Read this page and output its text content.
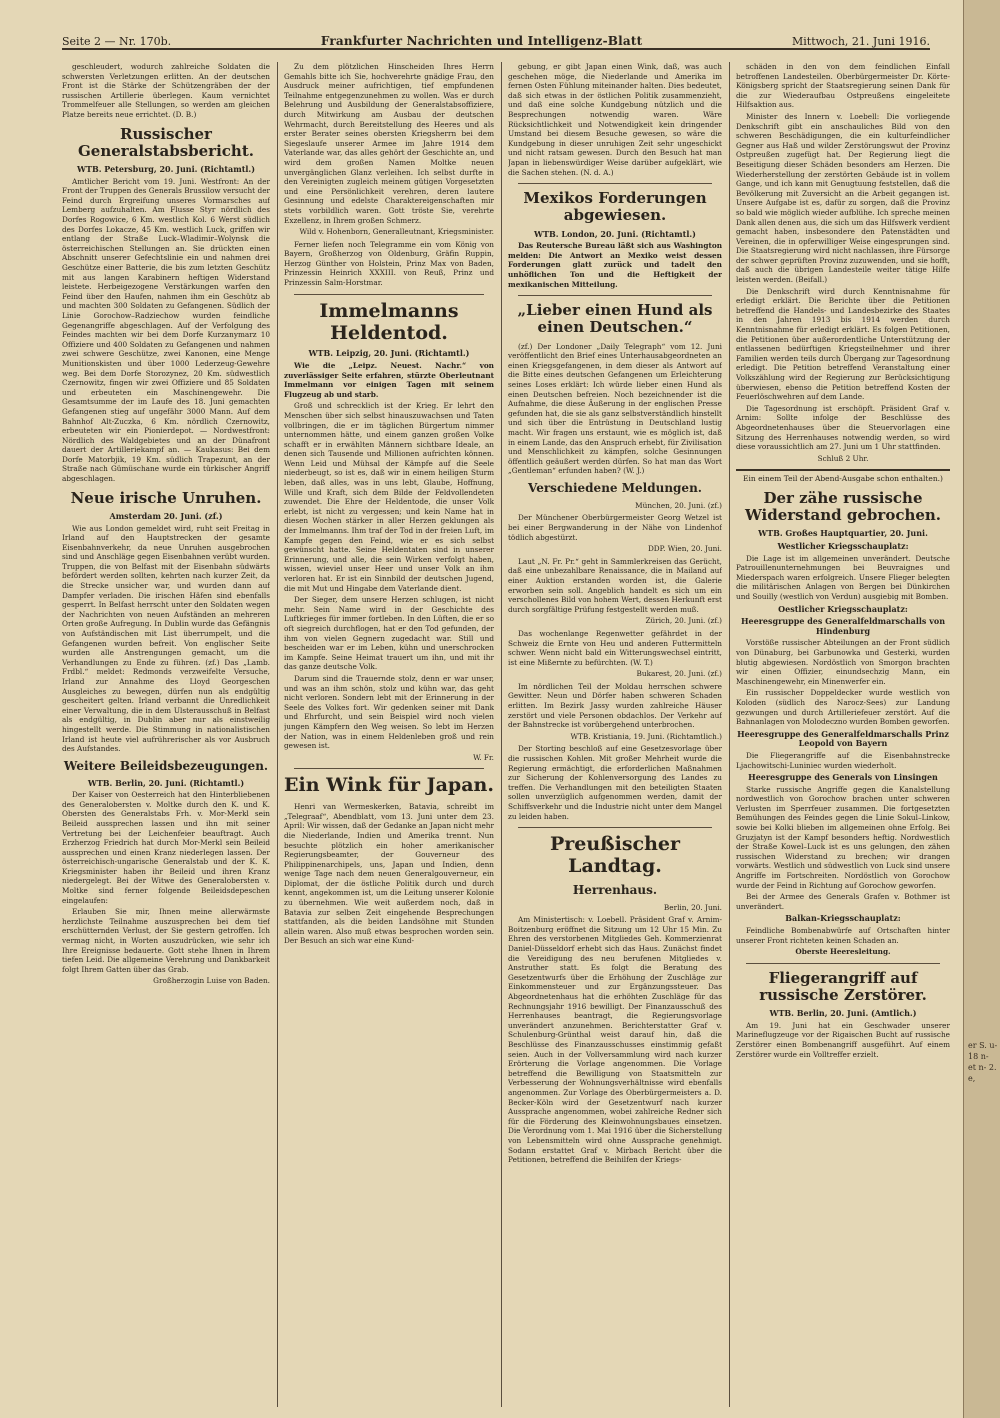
Seite 2 — Nr. 170b.	Frankfurter Nachrichten und Intelligenz-Blatt	Mittwoch, 21. Juni 1916.

geschleudert, wodurch zahlreiche Soldaten die schwersten Verletzungen erlitten. An der deutschen Front ist die Stärke der Schützengräben der der russischen Artillerie überlegen. Kaum vernichtet Trommelfeuer alle Stellungen, so werden am gleichen Platze bereits neue errichtet. (D. B.)

Russischer Generalstabsbericht.
WTB. Petersburg, 20. Juni. (Richtamtl.)

Amtlicher Bericht vom 19. Juni. Westfront: An der Front der Truppen des Generals Brussilow versucht der Feind durch Ergreifung unseres Vormarsches auf Lemberg aufzuhalten. Am Flusse Styr nördlich des Dorfes Rogowice, 6 Km. westlich Kol. 6 Werst südlich des Dorfes Lokacze, 45 Km. westlich Luck, griffen wir entlang der Straße Luck–Wladimir–Wolynsk die österreichischen Stellungen an. Sie drückten einen Abschnitt unserer Gefechtslinie ein und nahmen drei Geschütze einer Batterie, die bis zum letzten Geschütz mit aus langen Karabinern heftigen Widerstand leistete. Herbeigezogene Verstärkungen warfen den Feind über den Haufen, nahmen ihm ein Geschütz ab und machten 300 Soldaten zu Gefangenen. Südlich der Linie Gorochow–Radziechow wurden feindliche Gegenangriffe abgeschlagen. Auf der Verfolgung des Feindes machten wir bei dem Dorfe Kurzanymarz 10 Offiziere und 400 Soldaten zu Gefangenen und nahmen zwei schwere Geschütze, zwei Kanonen, eine Menge Munitionskisten und über 1000 Lederzeug-Gewehre weg. Bei dem Dorfe Storozynez, 20 Km. südwestlich Czernowitz, fingen wir zwei Offiziere und 85 Soldaten und erbeuteten ein Maschinengewehr. Die Gesamtsumme der im Laufe des 18. Juni gemachten Gefangenen stieg auf ungefähr 3000 Mann. Auf dem Bahnhof Alt-Zuczka, 6 Km. nördlich Czernowitz, erbeuteten wir ein Pionierdepot. — Nordwestfront: Nördlich des Waldgebietes und an der Dünafront dauert der Artilleriekampf an. — Kaukasus: Bei dem Dorfe Matorbjik, 19 Km. südlich Trapezunt, an der Straße nach Gümüschane wurde ein türkischer Angriff abgeschlagen.

Neue irische Unruhen.
Amsterdam 20. Juni. (zf.)

Wie aus London gemeldet wird, ruht seit Freitag in Irland auf den Hauptstrecken der gesamte Eisenbahnverkehr, da neue Unruhen ausgebrochen sind und Anschläge gegen Eisenbahnen verübt wurden. Truppen, die von Belfast mit der Eisenbahn südwärts befördert werden sollten, kehrten nach kurzer Zeit, da die Strecke unsicher war, und wurden dann auf Dampfer verladen. Die irischen Häfen sind ebenfalls gesperrt. In Belfast herrscht unter den Soldaten wegen der Nachrichten von neuen Aufständen an mehreren Orten große Aufregung. In Dublin wurde das Gefängnis von Aufständischen mit List überrumpelt, und die Gefangenen wurden befreit. Von englischer Seite wurden alle Anstrengungen gemacht, um die Verhandlungen zu Ende zu führen. (zf.) Das „Lamb. Frdbl.“ meldet: Redmonds verzweifelte Versuche, Irland zur Annahme des Lloyd Georgeschen Ausgleiches zu bewegen, dürfen nun als endgültig gescheitert gelten. Irland verbannt die Unredlichkeit einer Verwaltung, die in dem Ulsterausschuß in Belfast als endgültig, in Dublin aber nur als einstweilig hingestellt werde. Die Stimmung in nationalistischen Irland ist heute viel aufrührerischer als vor Ausbruch des Aufstandes.

Weitere Beileidsbezeugungen.
WTB. Berlin, 20. Juni. (Richtamtl.)

Der Kaiser von Oesterreich hat den Hinterbliebenen des Generalobersten v. Moltke durch den K. und K. Obersten des Generalstabs Frh. v. Mor-Merkl sein Beileid aussprechen lassen und ihn mit seiner Vertretung bei der Leichenfeier beauftragt. Auch Erzherzog Friedrich hat durch Mor-Merkl sein Beileid aussprechen und einen Kranz niederlegen lassen. Der österreichisch-ungarische Generalstab und der K. K. Kriegsminister haben ihr Beileid und ihren Kranz niedergelegt. Bei der Witwe des Generalobersten v. Moltke sind ferner folgende Beileidsdepeschen eingelaufen:

Erlauben Sie mir, Ihnen meine allerwärmste herzlichste Teilnahme auszusprechen bei dem tief erschütternden Verlust, der Sie gestern getroffen. Ich vermag nicht, in Worten auszudrücken, wie sehr ich Ihre Ereignisse bedauerte. Gott stehe Ihnen in Ihrem tiefen Leid. Die allgemeine Verehrung und Dankbarkeit folgt Ihrem Gatten über das Grab.

Großherzogin Luise von Baden.

Zu dem plötzlichen Hinscheiden Ihres Herrn Gemahls bitte ich Sie, hochverehrte gnädige Frau, den Ausdruck meiner aufrichtigen, tief empfundenen Teilnahme entgegenzunehmen zu wollen. Was er durch Belehrung und Ausbildung der Generalstabsoffiziere, durch Mitwirkung am Ausbau der deutschen Wehrmacht, durch Bereitstellung des Heeres und als erster Berater seines obersten Kriegsherrn bei dem Siegeslaufe unserer Armee im Jahre 1914 dem Vaterlande war, das alles gehört der Geschichte an, und wird dem großen Namen Moltke neuen unvergänglichen Glanz verleihen. Ich selbst durfte in den Vereinigten zugleich meinem gütigen Vorgesetzten und eine Persönlichkeit verehren, deren lautere Gesinnung und edelste Charaktereigenschaften mir stets vorbildlich waren. Gott tröste Sie, verehrte Exzellenz, in Ihrem großen Schmerz.

Wild v. Hohenborn, Generalleutnant, Kriegsminister.

Ferner liefen noch Telegramme ein vom König von Bayern, Großherzog von Oldenburg, Gräfin Ruppin, Herzog Günther von Holstein, Prinz Max von Baden, Prinzessin Heinrich XXXIII. von Reuß, Prinz und Prinzessin Salm-Horstmar.

Immelmanns Heldentod.
WTB. Leipzig, 20. Juni. (Richtamtl.)

Wie die „Leipz. Neuest. Nachr.“ von zuverlässiger Seite erfahren, stürzte Oberleutnant Immelmann vor einigen Tagen mit seinem Flugzeug ab und starb.

Groß und schrecklich ist der Krieg. Er lehrt den Menschen über sich selbst hinauszuwachsen und Taten vollbringen, die er im täglichen Bürgertum nimmer unternommen hätte, und einem ganzen großen Volke schafft er in erwählten Männern sichtbare Ideale, an denen sich Tausende und Millionen aufrichten können. Wenn Leid und Mühsal der Kämpfe auf die Seele niederbeugt, so ist es, daß wir in einem heiligen Sturm leben, daß alles, was in uns lebt, Glaube, Hoffnung, Wille und Kraft, sich dem Bilde der Feldvollendeten zuwendet. Die Ehre der Heldentode, die unser Volk erlebt, ist nicht zu vergessen; und kein Name hat in diesen Wochen stärker in aller Herzen geklungen als der Immelmanns. Ihm traf der Tod in der freien Luft, im Kampfe gegen den Feind, wie er es sich selbst gewünscht hatte. Seine Heldentaten sind in unserer Erinnerung, und alle, die sein Wirken verfolgt haben, wissen, wieviel unser Heer und unser Volk an ihm verloren hat. Er ist ein Sinnbild der deutschen Jugend, die mit Mut und Hingabe dem Vaterlande dient.

Der Sieger, dem unsere Herzen schlugen, ist nicht mehr. Sein Name wird in der Geschichte des Luftkrieges für immer fortleben. In den Lüften, die er so oft siegreich durchflogen, hat er den Tod gefunden, der ihm von vielen Gegnern zugedacht war. Still und bescheiden war er im Leben, kühn und unerschrocken im Kampfe. Seine Heimat trauert um ihn, und mit ihr das ganze deutsche Volk.

Darum sind die Trauernde stolz, denn er war unser, und was an ihm schön, stolz und kühn war, das geht nicht verloren. Sondern lebt mit der Erinnerung in der Seele des Volkes fort. Wir gedenken seiner mit Dank und Ehrfurcht, und sein Beispiel wird noch vielen jungen Kämpfern den Weg weisen. So lebt im Herzen der Nation, was in einem Heldenleben groß und rein gewesen ist.

W. Fr.
Ein Wink für Japan.

Henri van Wermeskerken, Batavia, schreibt im „Telegraaf“, Abendblatt, vom 13. Juni unter dem 23. April: Wir wissen, daß der Gedanke an Japan nicht mehr die Niederlande, Indien und Amerika trennt. Nun besuchte plötzlich ein hoher amerikanischer Regierungsbeamter, der Gouverneur des Philippinenarchipels, uns, Japan und Indien, denn wenige Tage nach dem neuen Generalgouverneur, ein Diplomat, der die östliche Politik durch und durch kennt, angekommen ist, um die Leitung unserer Kolonie zu übernehmen. Wie weit außerdem noch, daß in Batavia zur selben Zeit eingehende Besprechungen stattfanden, als die beiden Landsöhne mit Stunden allein waren. Also muß etwas besprochen worden sein. Der Besuch an sich war eine Kund-

gebung, er gibt Japan einen Wink, daß, was auch geschehen möge, die Niederlande und Amerika im fernen Osten Fühlung miteinander halten. Dies bedeutet, daß sich etwas in der östlichen Politik zusammenzieht, und daß eine solche Kundgebung nützlich und die Besprechungen notwendig waren. Wäre Rücksichtlichkeit und Notwendigkeit kein dringender Umstand bei diesem Besuche gewesen, so wäre die Kundgebung in dieser unruhigen Zeit sehr ungeschickt und nicht ratsam gewesen. Durch den Besuch hat man Japan in liebenswürdiger Weise darüber aufgeklärt, wie die Sachen stehen. (N. d. A.)

Mexikos Forderungen abgewiesen.
WTB. London, 20. Juni. (Richtamtl.)

Das Reutersche Bureau läßt sich aus Washington melden: Die Antwort an Mexiko weist dessen Forderungen glatt zurück und tadelt den unhöflichen Ton und die Heftigkeit der mexikanischen Mitteilung.

„Lieber einen Hund als einen Deutschen.“

(zf.) Der Londoner „Daily Telegraph“ vom 12. Juni veröffentlicht den Brief eines Unterhausabgeordneten an einen Kriegsgefangenen, in dem dieser als Antwort auf die Bitte eines deutschen Gefangenen um Erleichterung seines Loses erklärt: Ich würde lieber einen Hund als einen Deutschen befreien. Noch bezeichnender ist die Aufnahme, die diese Äußerung in der englischen Presse gefunden hat, die sie als ganz selbstverständlich hinstellt und sich über die Entrüstung in Deutschland lustig macht. Wir fragen uns erstaunt, wie es möglich ist, daß in einem Lande, das den Anspruch erhebt, für Zivilisation und Menschlichkeit zu kämpfen, solche Gesinnungen öffentlich geäußert werden dürfen. So hat man das Wort „Gentleman“ erfunden haben? (W. J.)

Verschiedene Meldungen.
München, 20. Juni. (zf.)

Der Münchener Oberbürgermeister Georg Wetzel ist bei einer Bergwanderung in der Nähe von Lindenhof tödlich abgestürzt.

DDP. Wien, 20. Juni.

Laut „N. Fr. Pr.“ geht in Sammlerkreisen das Gerücht, daß eine unbezahlbare Renaissance, die in Mailand auf einer Auktion erstanden worden ist, die Galerie erworben sein soll. Angeblich handelt es sich um ein verschollenes Bild von hohem Wert, dessen Herkunft erst durch sorgfältige Prüfung festgestellt werden muß.

Zürich, 20. Juni. (zf.)

Das wochenlange Regenwetter gefährdet in der Schweiz die Ernte von Heu und anderen Futtermitteln schwer. Wenn nicht bald ein Witterungswechsel eintritt, ist eine Mißernte zu befürchten. (W. T.)

Bukarest, 20. Juni. (zf.)

Im nördlichen Teil der Moldau herrschen schwere Gewitter. Neun und Dörfer haben schweren Schaden erlitten. Im Bezirk Jassy wurden zahlreiche Häuser zerstört und viele Personen obdachlos. Der Verkehr auf der Bahnstrecke ist vorübergehend unterbrochen.

WTB. Kristiania, 19. Juni. (Richtamtlich.)

Der Storting beschloß auf eine Gesetzesvorlage über die russischen Kohlen. Mit großer Mehrheit wurde die Regierung ermächtigt, die erforderlichen Maßnahmen zur Sicherung der Kohlenversorgung des Landes zu treffen. Die Verhandlungen mit den beteiligten Staaten sollen unverzüglich aufgenommen werden, damit der Schiffsverkehr und die Industrie nicht unter dem Mangel zu leiden haben.

Preußischer Landtag.
Herrenhaus.
Berlin, 20. Juni.

Am Ministertisch: v. Loebell. Präsident Graf v. Arnim-Boitzenburg eröffnet die Sitzung um 12 Uhr 15 Min. Zu Ehren des verstorbenen Mitgliedes Geh. Kommerzienrat Daniel-Düsseldorf erhebt sich das Haus. Zunächst findet die Vereidigung des neu berufenen Mitgliedes v. Anstruther statt. Es folgt die Beratung des Gesetzentwurfs über die Erhöhung der Zuschläge zur Einkommensteuer und zur Ergänzungssteuer. Das Abgeordnetenhaus hat die erhöhten Zuschläge für das Rechnungsjahr 1916 bewilligt. Der Finanzausschuß des Herrenhauses beantragt, die Regierungsvorlage unverändert anzunehmen. Berichterstatter Graf v. Schulenburg-Grünthal weist darauf hin, daß die Beschlüsse des Finanzausschusses einstimmig gefaßt seien. Auch in der Vollversammlung wird nach kurzer Erörterung die Vorlage angenommen. Die Vorlage betreffend die Bewilligung von Staatsmitteln zur Verbesserung der Wohnungsverhältnisse wird ebenfalls angenommen. Zur Vorlage des Oberbürgermeisters a. D. Becker-Köln wird der Gesetzentwurf nach kurzer Aussprache angenommen, wobei zahlreiche Redner sich für die Förderung des Kleinwohnungsbaues einsetzen. Die Verordnung vom 1. Mai 1916 über die Sicherstellung von Lebensmitteln wird ohne Aussprache genehmigt. Sodann erstattet Graf v. Mirbach Bericht über die Petitionen, betreffend die Beihilfen der Kriegs-

schäden in den von dem feindlichen Einfall betroffenen Landesteilen. Oberbürgermeister Dr. Körte-Königsberg spricht der Staatsregierung seinen Dank für die zur Wiederaufbau Ostpreußens eingeleitete Hilfsaktion aus.

Minister des Innern v. Loebell: Die vorliegende Denkschrift gibt ein anschauliches Bild von den schweren Beschädigungen, die ein kulturfeindlicher Gegner aus Haß und wilder Zerstörungswut der Provinz Ostpreußen zugefügt hat. Der Regierung liegt die Beseitigung dieser Schäden besonders am Herzen. Die Wiederherstellung der zerstörten Gebäude ist in vollem Gange, und ich kann mit Genugtuung feststellen, daß die Bevölkerung mit Zuversicht an die Arbeit gegangen ist. Unsere Aufgabe ist es, dafür zu sorgen, daß die Provinz so bald wie möglich wieder aufblühe. Ich spreche meinen Dank allen denen aus, die sich um das Hilfswerk verdient gemacht haben, insbesondere den Patenstädten und Vereinen, die in opferwilliger Weise eingesprungen sind. Die Staatsregierung wird nicht nachlassen, ihre Fürsorge der schwer geprüften Provinz zuzuwenden, und sie hofft, daß auch die übrigen Landesteile weiter tätige Hilfe leisten werden. (Beifall.)

Die Denkschrift wird durch Kenntnisnahme für erledigt erklärt. Die Berichte über die Petitionen betreffend die Handels- und Landesbezirke des Staates in den Jahren 1913 bis 1914 werden durch Kenntnisnahme für erledigt erklärt. Es folgen Petitionen, die Petitionen über außerordentliche Unterstützung der entlassenen bedürftigen Kriegsteilnehmer und ihrer Familien werden teils durch Übergang zur Tagesordnung erledigt. Die Petition betreffend Veranstaltung einer Volkszählung wird der Regierung zur Berücksichtigung überwiesen, ebenso die Petition betreffend Kosten der Feuerlöschwehren auf dem Lande.

Die Tagesordnung ist erschöpft. Präsident Graf v. Arnim: Sollte infolge der Beschlüsse des Abgeordnetenhauses über die Steuervorlagen eine Sitzung des Herrenhauses notwendig werden, so wird diese voraussichtlich am 27. Juni um 1 Uhr stattfinden.

Schluß 2 Uhr.
Ein einem Teil der Abend-Ausgabe schon enthalten.)
Der zähe russische Widerstand gebrochen.
WTB. Großes Hauptquartier, 20. Juni.
Westlicher Kriegsschauplatz:

Die Lage ist im allgemeinen unverändert. Deutsche Patrouillenunternehmungen bei Beuvraignes und Miederspach waren erfolgreich. Unsere Flieger belegten die militärischen Anlagen von Bergen bei Dünkirchen und Souilly (westlich von Verdun) ausgiebig mit Bomben.

Oestlicher Kriegsschauplatz:
Heeresgruppe des Generalfeldmarschalls von Hindenburg

Vorstöße russischer Abteilungen an der Front südlich von Dünaburg, bei Garbunowka und Gesterki, wurden blutig abgewiesen. Nordöstlich von Smorgon brachten wir einen Offizier, einundsechzig Mann, ein Maschinengewehr, ein Minenwerfer ein.

Ein russischer Doppeldecker wurde westlich von Koloden (südlich des Narocz-Sees) zur Landung gezwungen und durch Artilleriefeuer zerstört. Auf die Bahnanlagen von Molodeczno wurden Bomben geworfen.

Heeresgruppe des Generalfeldmarschalls Prinz Leopold von Bayern

Die Fliegerangriffe auf die Eisenbahnstrecke Ljachowitschi-Luniniec wurden wiederholt.

Heeresgruppe des Generals von Linsingen

Starke russische Angriffe gegen die Kanalstellung nordwestlich von Gorochow brachen unter schweren Verlusten im Sperrfeuer zusammen. Die fortgesetzten Bemühungen des Feindes gegen die Linie Sokul–Linkow, sowie bei Kolki blieben im allgemeinen ohne Erfolg. Bei Gruzjatyn ist der Kampf besonders heftig. Nordwestlich der Straße Kowel–Luck ist es uns gelungen, den zähen russischen Widerstand zu brechen; wir drangen vorwärts. Westlich und südwestlich von Luck sind unsere Angriffe im Fortschreiten. Nordöstlich von Gorochow wurde der Feind in Richtung auf Gorochow geworfen.

Bei der Armee des Generals Grafen v. Bothmer ist unverändert.

Balkan-Kriegsschauplatz:

Feindliche Bombenabwürfe auf Ortschaften hinter unserer Front richteten keinen Schaden an.

Oberste Heeresleitung.
Fliegerangriff auf russische Zerstörer.
WTB. Berlin, 20. Juni. (Amtlich.)

Am 19. Juni hat ein Geschwader unserer Marineflugzeuge vor der Rigaischen Bucht auf russische Zerstörer einen Bombenangriff ausgeführt. Auf einem Zerstörer wurde ein Volltreffer erzielt.

er S. u- 18 n- et n- 2. e,
